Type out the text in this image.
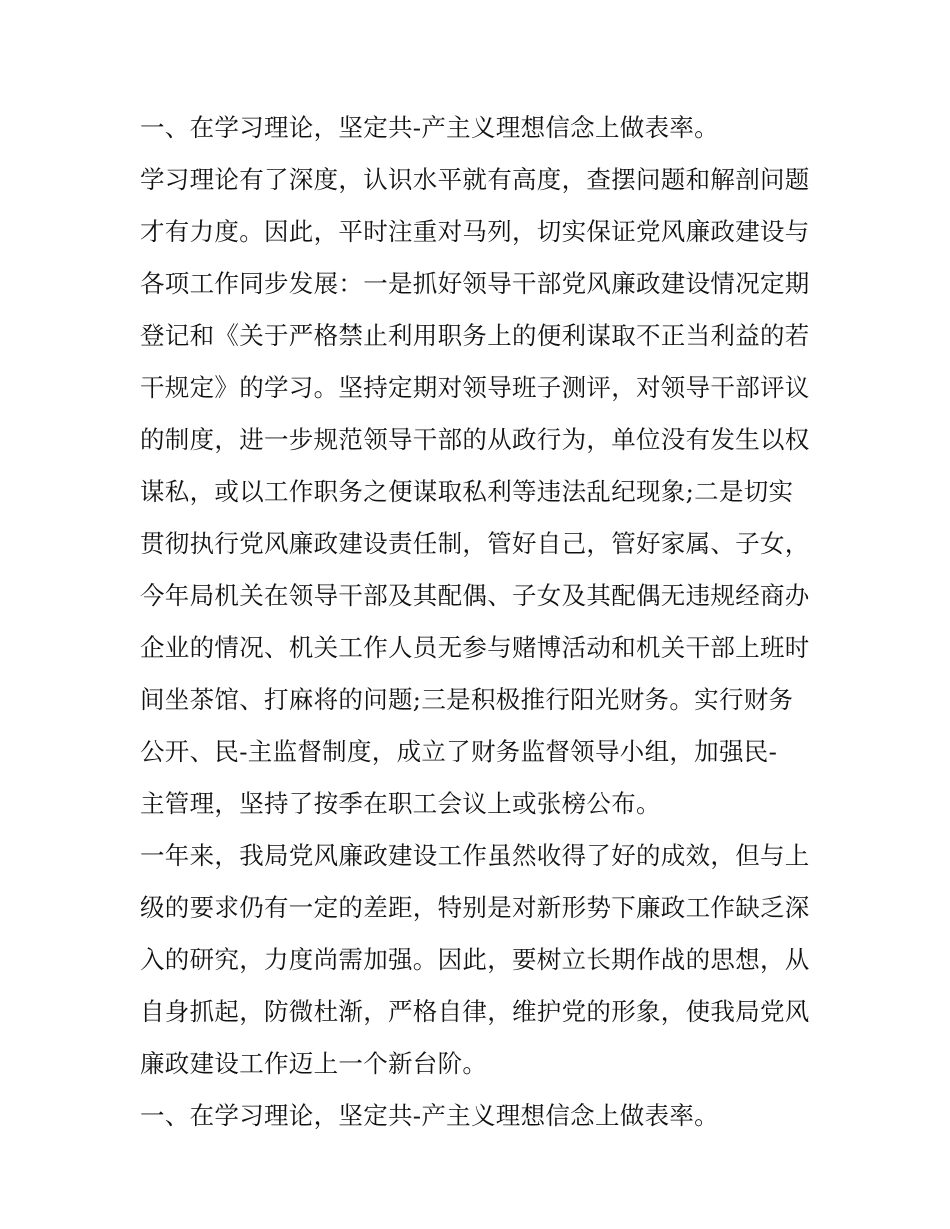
一、在学习理论，坚定共-产主义理想信念上做表率。
学习理论有了深度，认识水平就有高度，查摆问题和解剖问题
才有力度。因此，平时注重对马列，切实保证党风廉政建设与
各项工作同步发展：一是抓好领导干部党风廉政建设情况定期
登记和《关于严格禁止利用职务上的便利谋取不正当利益的若
干规定》的学习。坚持定期对领导班子测评，对领导干部评议
的制度，进一步规范领导干部的从政行为，单位没有发生以权
谋私，或以工作职务之便谋取私利等违法乱纪现象;二是切实
贯彻执行党风廉政建设责任制，管好自己，管好家属、子女，
今年局机关在领导干部及其配偶、子女及其配偶无违规经商办
企业的情况、机关工作人员无参与赌博活动和机关干部上班时
间坐茶馆、打麻将的问题;三是积极推行阳光财务。实行财务
公开、民-主监督制度，成立了财务监督领导小组，加强民-
主管理，坚持了按季在职工会议上或张榜公布。
一年来，我局党风廉政建设工作虽然收得了好的成效，但与上
级的要求仍有一定的差距，特别是对新形势下廉政工作缺乏深
入的研究，力度尚需加强。因此，要树立长期作战的思想，从
自身抓起，防微杜渐，严格自律，维护党的形象，使我局党风
廉政建设工作迈上一个新台阶。
一、在学习理论，坚定共-产主义理想信念上做表率。
